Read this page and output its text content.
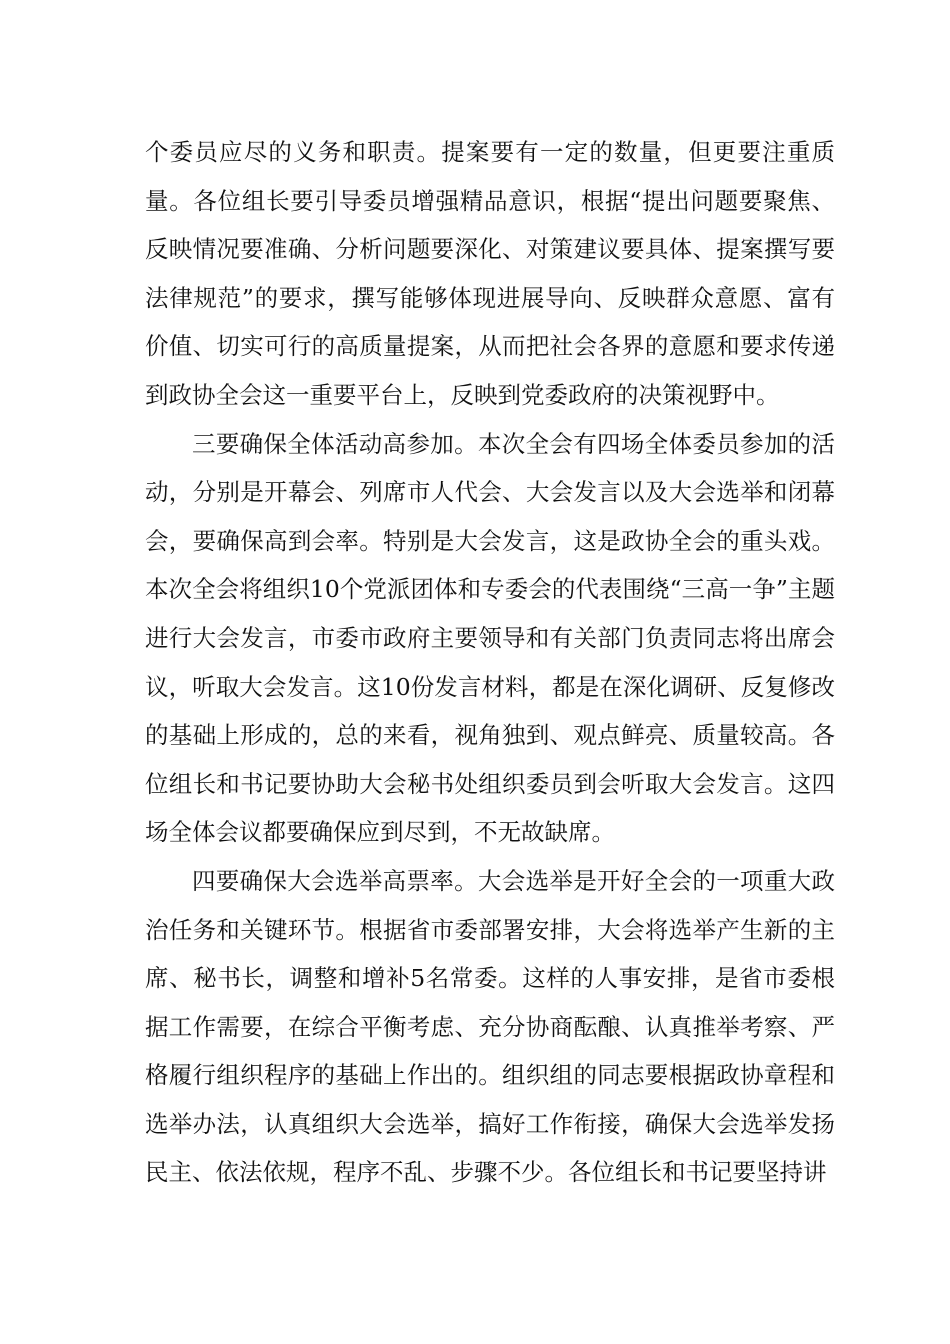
个委员应尽的义务和职责。提案要有一定的数量，但更要注重质量。各位组长要引导委员增强精品意识，根据“提出问题要聚焦、反映情况要准确、分析问题要深化、对策建议要具体、提案撰写要法律规范”的要求，撰写能够体现进展导向、反映群众意愿、富有价值、切实可行的高质量提案，从而把社会各界的意愿和要求传递到政协全会这一重要平台上，反映到党委政府的决策视野中。

三要确保全体活动高参加。本次全会有四场全体委员参加的活动，分别是开幕会、列席市人代会、大会发言以及大会选举和闭幕会，要确保高到会率。特别是大会发言，这是政协全会的重头戏。本次全会将组织10个党派团体和专委会的代表围绕“三高一争”主题进行大会发言，市委市政府主要领导和有关部门负责同志将出席会议，听取大会发言。这10份发言材料，都是在深化调研、反复修改的基础上形成的，总的来看，视角独到、观点鲜亮、质量较高。各位组长和书记要协助大会秘书处组织委员到会听取大会发言。这四场全体会议都要确保应到尽到，不无故缺席。

四要确保大会选举高票率。大会选举是开好全会的一项重大政治任务和关键环节。根据省市委部署安排，大会将选举产生新的主席、秘书长，调整和增补5名常委。这样的人事安排，是省市委根据工作需要，在综合平衡考虑、充分协商酝酿、认真推举考察、严格履行组织程序的基础上作出的。组织组的同志要根据政协章程和选举办法，认真组织大会选举，搞好工作衔接，确保大会选举发扬民主、依法依规，程序不乱、步骤不少。各位组长和书记要坚持讲
